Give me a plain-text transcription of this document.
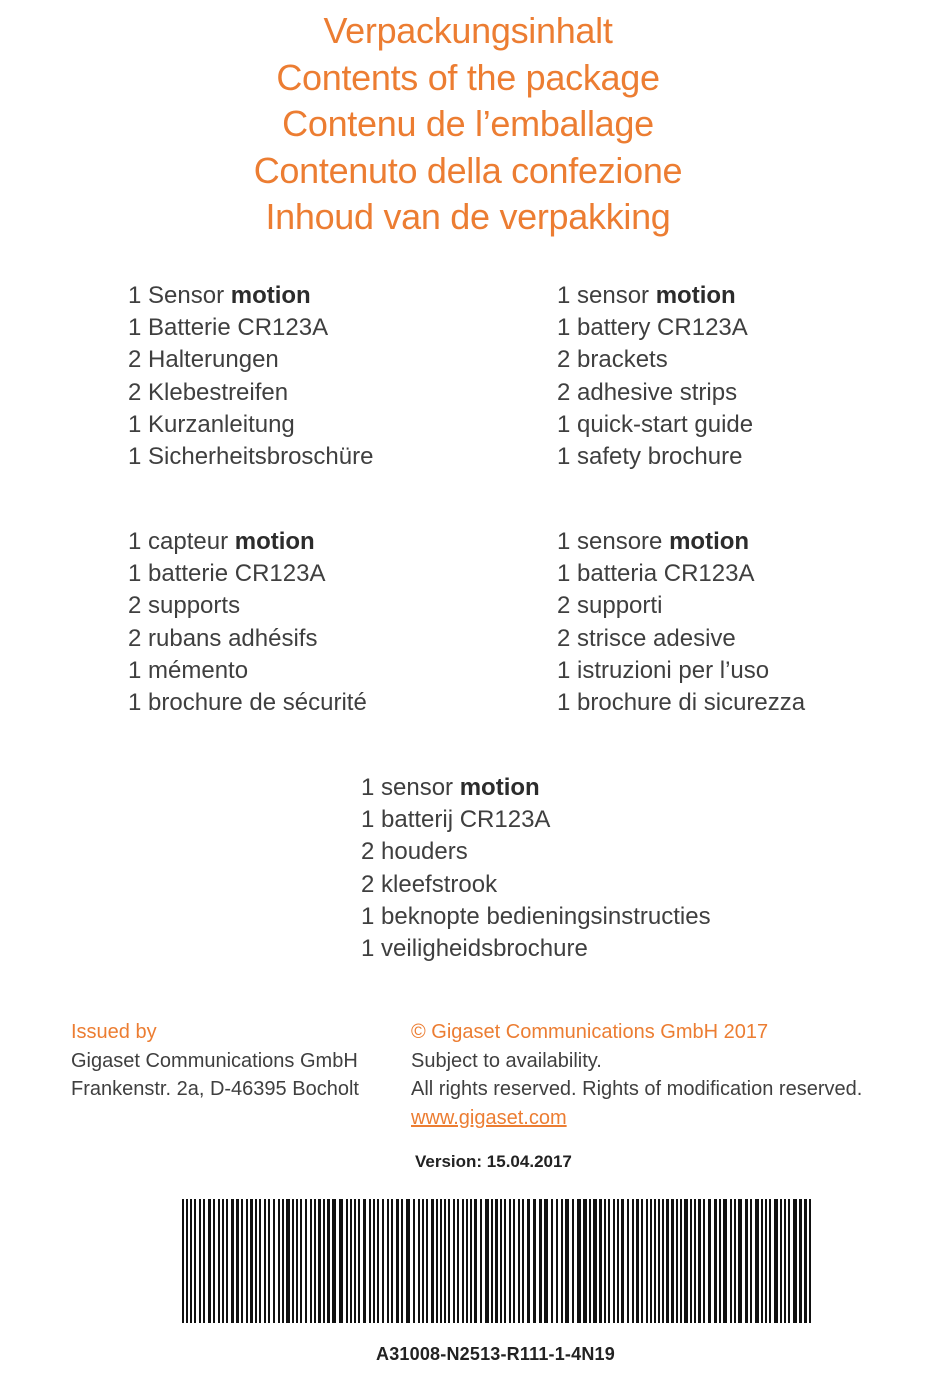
Verpackungsinhalt
Contents of the package
Contenu de l’emballage
Contenuto della confezione
Inhoud van de verpakking
1 Sensor motion
1 Batterie CR123A
2 Halterungen
2 Klebestreifen
1 Kurzanleitung
1 Sicherheitsbroschüre
1 sensor motion
1 battery CR123A
2 brackets
2 adhesive strips
1 quick-start guide
1 safety brochure
1 capteur motion
1 batterie CR123A
2 supports
2 rubans adhésifs
1 mémento
1 brochure de sécurité
1 sensore motion
1 batteria CR123A
2 supporti
2 strisce adesive
1 istruzioni per l’uso
1 brochure di sicurezza
1 sensor motion
1 batterij CR123A
2 houders
2 kleefstrook
1 beknopte bedieningsinstructies
1 veiligheidsbrochure
Issued by
Gigaset Communications GmbH
Frankenstr. 2a, D-46395 Bocholt
© Gigaset Communications GmbH 2017
Subject to availability.
All rights reserved. Rights of modification reserved.
www.gigaset.com
Version: 15.04.2017
A31008-N2513-R111-1-4N19
